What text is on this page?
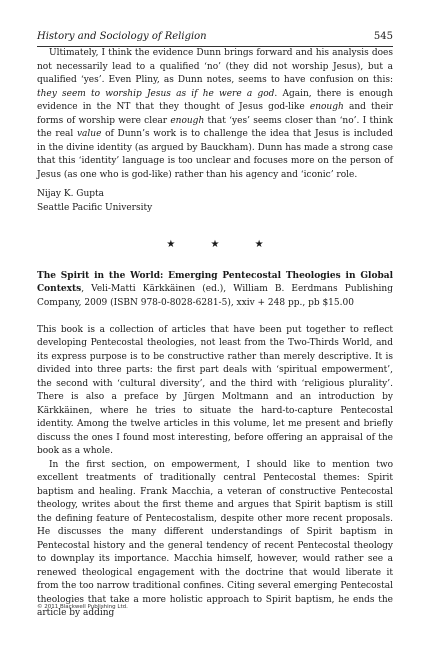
History and Sociology of Religion	545

Ultimately, I think the evidence Dunn brings forward and his analysis does not necessarily lead to a qualified ‘no’ (they did not worship Jesus), but a qualified ‘yes’. Even Pliny, as Dunn notes, seems to have confusion on this: they seem to worship Jesus as if he were a god. Again, there is enough evidence in the NT that they thought of Jesus god-like enough and their forms of worship were clear enough that ‘yes’ seems closer than ‘no’. I think the real value of Dunn’s work is to challenge the idea that Jesus is included in the divine identity (as argued by Bauckham). Dunn has made a strong case that this ‘identity’ language is too unclear and focuses more on the person of Jesus (as one who is god-like) rather than his agency and ‘iconic’ role.

Nijay K. Gupta
Seattle Pacific University
★ ★ ★

The Spirit in the World: Emerging Pentecostal Theologies in Global Contexts, Veli-Matti Kärkkäinen (ed.), William B. Eerdmans Publishing Company, 2009 (ISBN 978-0-8028-6281-5), xxiv + 248 pp., pb $15.00

This book is a collection of articles that have been put together to reflect developing Pentecostal theologies, not least from the Two-Thirds World, and its express purpose is to be constructive rather than merely descriptive. It is divided into three parts: the first part deals with ‘spiritual empowerment’, the second with ‘cultural diversity’, and the third with ‘religious plurality’. There is also a preface by Jürgen Moltmann and an introduction by Kärkkäinen, where he tries to situate the hard-to-capture Pentecostal identity. Among the twelve articles in this volume, let me present and briefly discuss the ones I found most interesting, before offering an appraisal of the book as a whole.

In the first section, on empowerment, I should like to mention two excellent treatments of traditionally central Pentecostal themes: Spirit baptism and healing. Frank Macchia, a veteran of constructive Pentecostal theology, writes about the first theme and argues that Spirit baptism is still the defining feature of Pentecostalism, despite other more recent proposals. He discusses the many different understandings of Spirit baptism in Pentecostal history and the general tendency of recent Pentecostal theology to downplay its importance. Macchia himself, however, would rather see a renewed theological engagement with the doctrine that would liberate it from the too narrow traditional confines. Citing several emerging Pentecostal theologies that take a more holistic approach to Spirit baptism, he ends the article by adding

© 2011 Blackwell Publishing Ltd.
